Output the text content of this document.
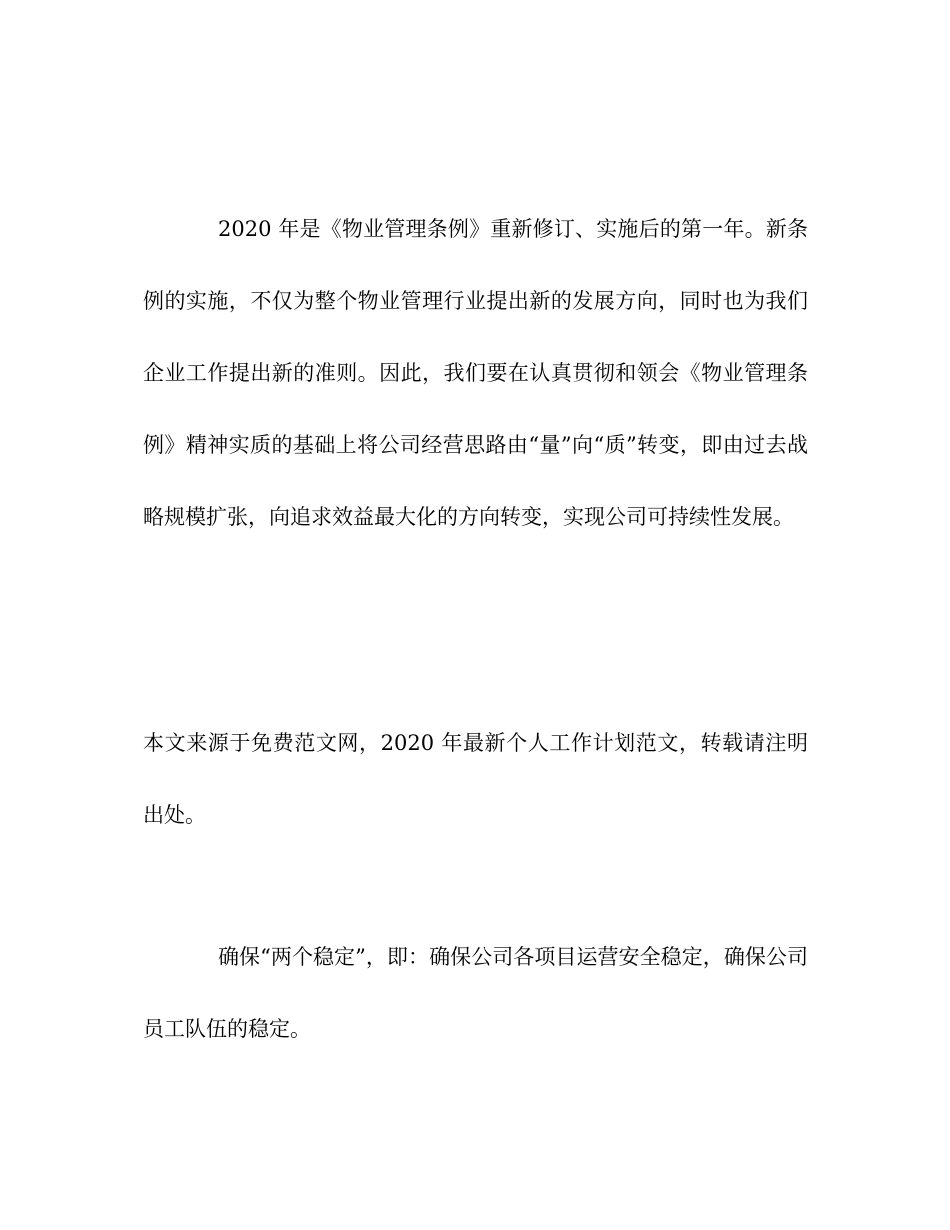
2020 年是《物业管理条例》重新修订、实施后的第一年。新条例的实施，不仅为整个物业管理行业提出新的发展方向，同时也为我们企业工作提出新的准则。因此，我们要在认真贯彻和领会《物业管理条例》精神实质的基础上将公司经营思路由“量”向“质”转变，即由过去战略规模扩张，向追求效益最大化的方向转变，实现公司可持续性发展。

本文来源于免费范文网，2020 年最新个人工作计划范文，转载请注明出处。

确保“两个稳定”，即：确保公司各项目运营安全稳定，确保公司员工队伍的稳定。
